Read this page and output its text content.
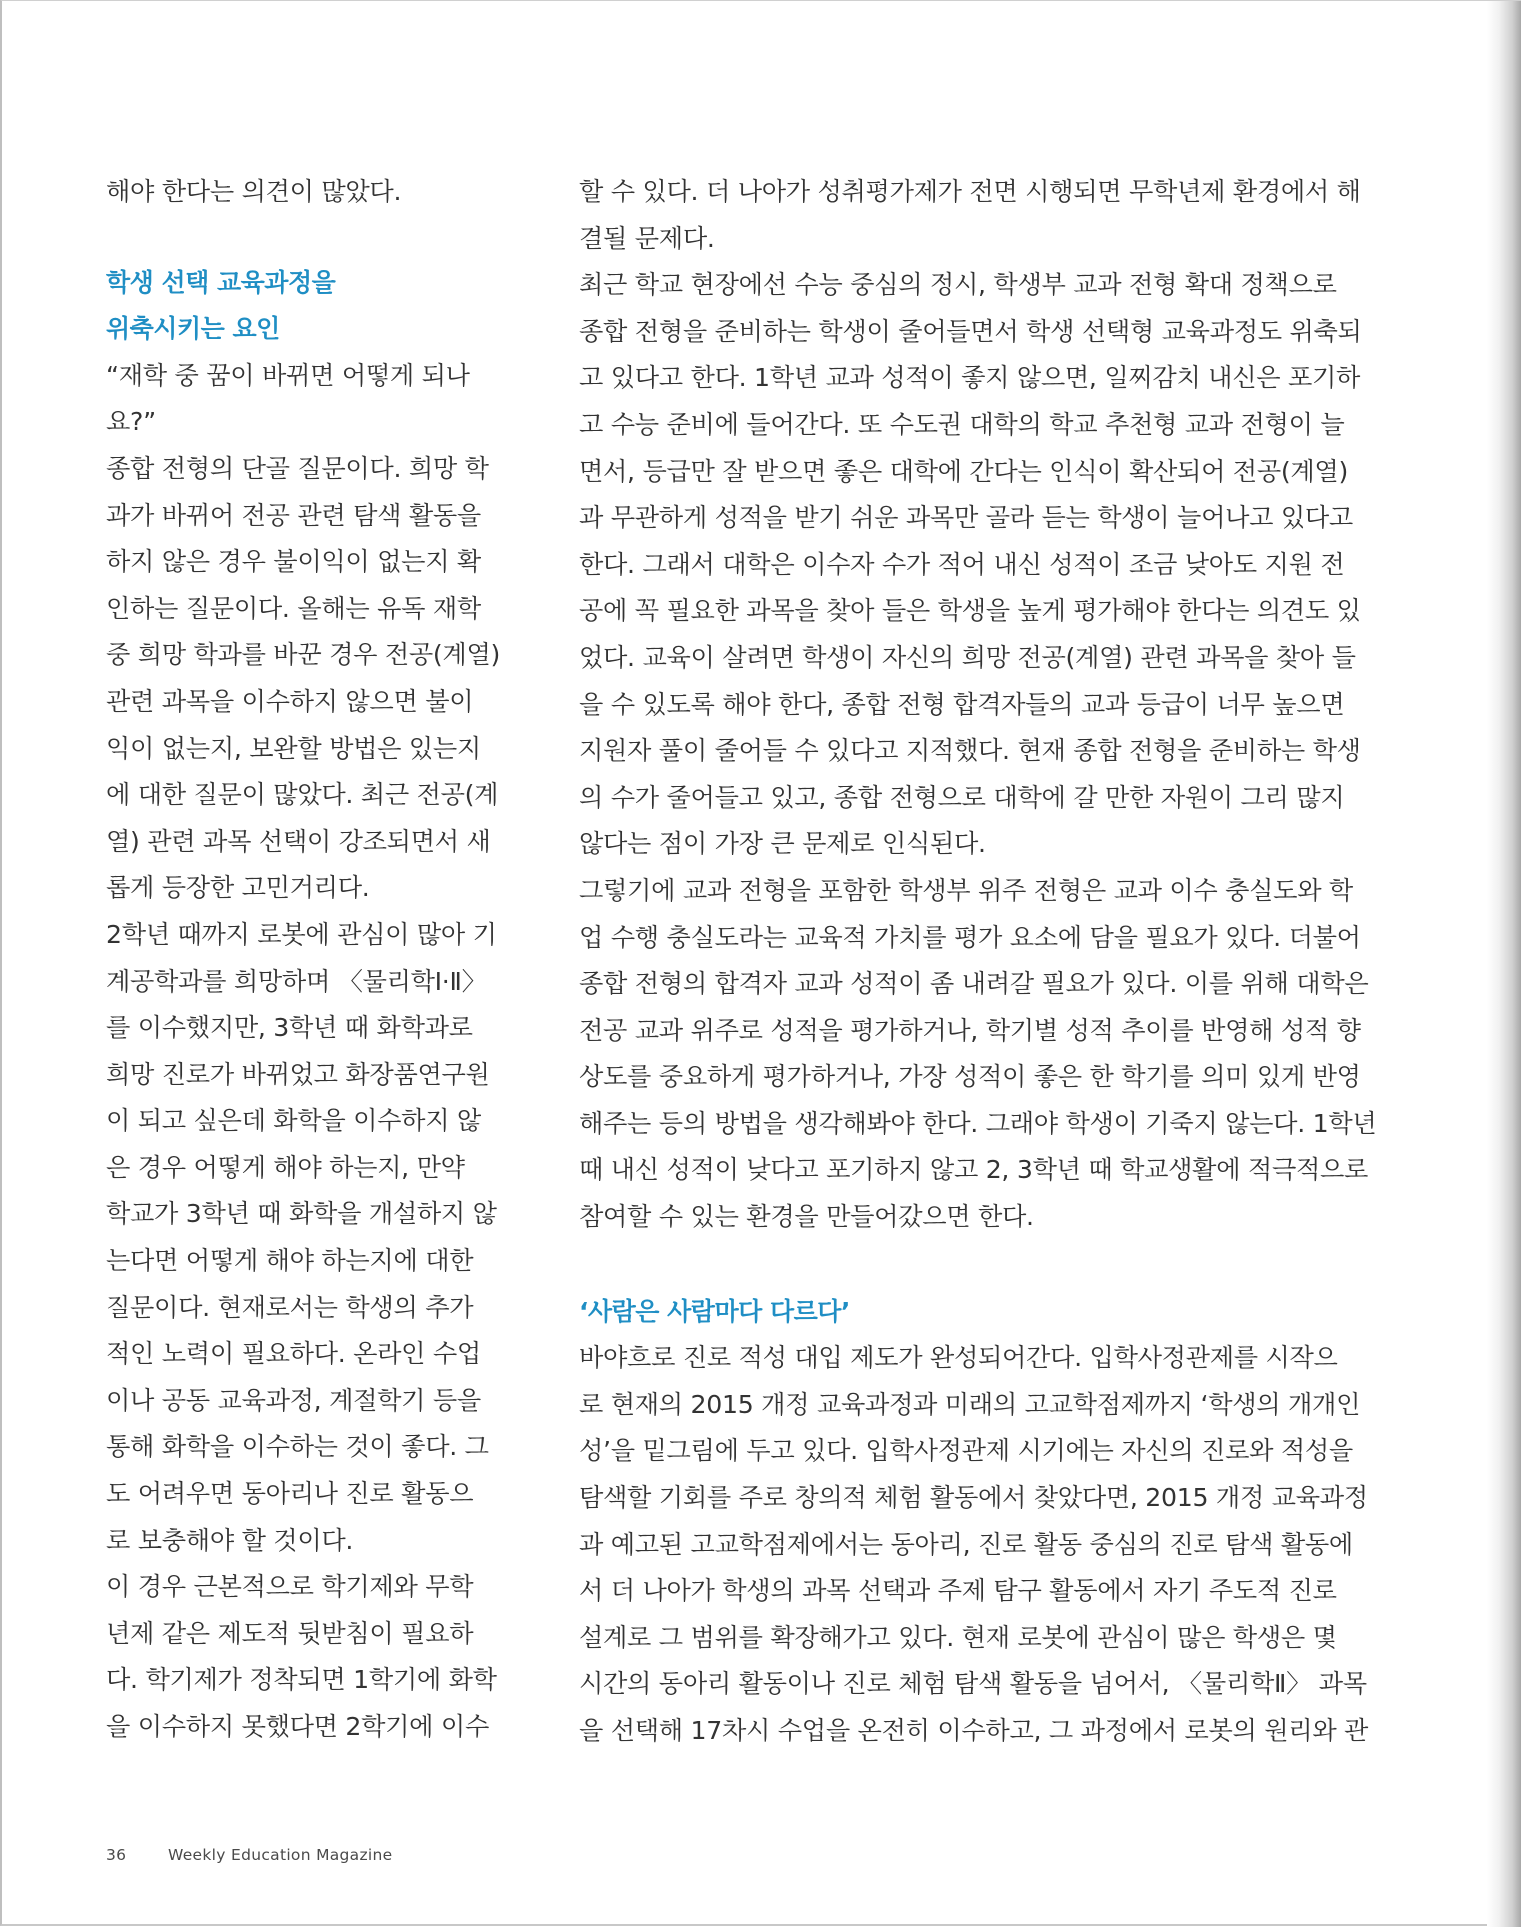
해야 한다는 의견이 많았다.

학생 선택 교육과정을

위축시키는 요인

“재학 중 꿈이 바뀌면 어떻게 되나

요?”

종합 전형의 단골 질문이다. 희망 학

과가 바뀌어 전공 관련 탐색 활동을

하지 않은 경우 불이익이 없는지 확

인하는 질문이다. 올해는 유독 재학

중 희망 학과를 바꾼 경우 전공(계열)

관련 과목을 이수하지 않으면 불이

익이 없는지, 보완할 방법은 있는지

에 대한 질문이 많았다. 최근 전공(계

열) 관련 과목 선택이 강조되면서 새

롭게 등장한 고민거리다.

2학년 때까지 로봇에 관심이 많아 기

계공학과를 희망하며 〈물리학Ⅰ·Ⅱ〉

를 이수했지만, 3학년 때 화학과로

희망 진로가 바뀌었고 화장품연구원

이 되고 싶은데 화학을 이수하지 않

은 경우 어떻게 해야 하는지, 만약

학교가 3학년 때 화학을 개설하지 않

는다면 어떻게 해야 하는지에 대한

질문이다. 현재로서는 학생의 추가

적인 노력이 필요하다. 온라인 수업

이나 공동 교육과정, 계절학기 등을

통해 화학을 이수하는 것이 좋다. 그

도 어려우면 동아리나 진로 활동으

로 보충해야 할 것이다.

이 경우 근본적으로 학기제와 무학

년제 같은 제도적 뒷받침이 필요하

다. 학기제가 정착되면 1학기에 화학

을 이수하지 못했다면 2학기에 이수

할 수 있다. 더 나아가 성취평가제가 전면 시행되면 무학년제 환경에서 해

결될 문제다.

최근 학교 현장에선 수능 중심의 정시, 학생부 교과 전형 확대 정책으로

종합 전형을 준비하는 학생이 줄어들면서 학생 선택형 교육과정도 위축되

고 있다고 한다. 1학년 교과 성적이 좋지 않으면, 일찌감치 내신은 포기하

고 수능 준비에 들어간다. 또 수도권 대학의 학교 추천형 교과 전형이 늘

면서, 등급만 잘 받으면 좋은 대학에 간다는 인식이 확산되어 전공(계열)

과 무관하게 성적을 받기 쉬운 과목만 골라 듣는 학생이 늘어나고 있다고

한다. 그래서 대학은 이수자 수가 적어 내신 성적이 조금 낮아도 지원 전

공에 꼭 필요한 과목을 찾아 들은 학생을 높게 평가해야 한다는 의견도 있

었다. 교육이 살려면 학생이 자신의 희망 전공(계열) 관련 과목을 찾아 들

을 수 있도록 해야 한다, 종합 전형 합격자들의 교과 등급이 너무 높으면

지원자 풀이 줄어들 수 있다고 지적했다. 현재 종합 전형을 준비하는 학생

의 수가 줄어들고 있고, 종합 전형으로 대학에 갈 만한 자원이 그리 많지

않다는 점이 가장 큰 문제로 인식된다.

그렇기에 교과 전형을 포함한 학생부 위주 전형은 교과 이수 충실도와 학

업 수행 충실도라는 교육적 가치를 평가 요소에 담을 필요가 있다. 더불어

종합 전형의 합격자 교과 성적이 좀 내려갈 필요가 있다. 이를 위해 대학은

전공 교과 위주로 성적을 평가하거나, 학기별 성적 추이를 반영해 성적 향

상도를 중요하게 평가하거나, 가장 성적이 좋은 한 학기를 의미 있게 반영

해주는 등의 방법을 생각해봐야 한다. 그래야 학생이 기죽지 않는다. 1학년

때 내신 성적이 낮다고 포기하지 않고 2, 3학년 때 학교생활에 적극적으로

참여할 수 있는 환경을 만들어갔으면 한다.

‘사람은 사람마다 다르다’

바야흐로 진로 적성 대입 제도가 완성되어간다. 입학사정관제를 시작으

로 현재의 2015 개정 교육과정과 미래의 고교학점제까지 ‘학생의 개개인

성’을 밑그림에 두고 있다. 입학사정관제 시기에는 자신의 진로와 적성을

탐색할 기회를 주로 창의적 체험 활동에서 찾았다면, 2015 개정 교육과정

과 예고된 고교학점제에서는 동아리, 진로 활동 중심의 진로 탐색 활동에

서 더 나아가 학생의 과목 선택과 주제 탐구 활동에서 자기 주도적 진로

설계로 그 범위를 확장해가고 있다. 현재 로봇에 관심이 많은 학생은 몇

시간의 동아리 활동이나 진로 체험 탐색 활동을 넘어서, 〈물리학Ⅱ〉 과목

을 선택해 17차시 수업을 온전히 이수하고, 그 과정에서 로봇의 원리와 관

36	Weekly Education Magazine
